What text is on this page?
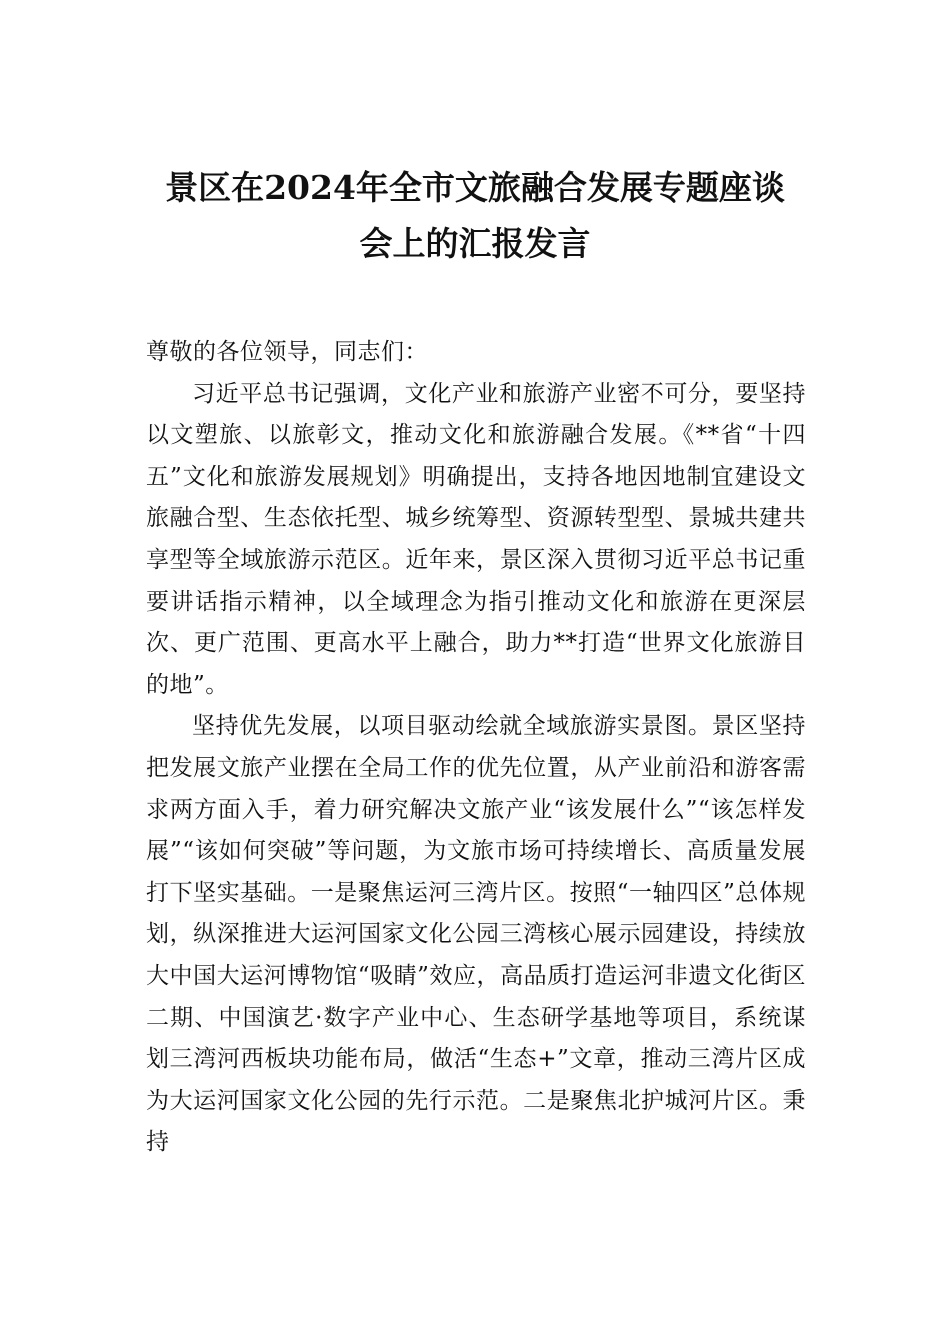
景区在2024年全市文旅融合发展专题座谈
会上的汇报发言

尊敬的各位领导，同志们：

习近平总书记强调，文化产业和旅游产业密不可分，要坚持以文塑旅、以旅彰文，推动文化和旅游融合发展。《**省“十四五”文化和旅游发展规划》明确提出，支持各地因地制宜建设文旅融合型、生态依托型、城乡统筹型、资源转型型、景城共建共享型等全域旅游示范区。近年来，景区深入贯彻习近平总书记重要讲话指示精神，以全域理念为指引推动文化和旅游在更深层次、更广范围、更高水平上融合，助力**打造“世界文化旅游目的地”。

坚持优先发展，以项目驱动绘就全域旅游实景图。景区坚持把发展文旅产业摆在全局工作的优先位置，从产业前沿和游客需求两方面入手，着力研究解决文旅产业“该发展什么”“该怎样发展”“该如何突破”等问题，为文旅市场可持续增长、高质量发展打下坚实基础。一是聚焦运河三湾片区。按照“一轴四区”总体规划，纵深推进大运河国家文化公园三湾核心展示园建设，持续放大中国大运河博物馆“吸睛”效应，高品质打造运河非遗文化街区二期、中国演艺·数字产业中心、生态研学基地等项目，系统谋划三湾河西板块功能布局，做活“生态+”文章，推动三湾片区成为大运河国家文化公园的先行示范。二是聚焦北护城河片区。秉持
